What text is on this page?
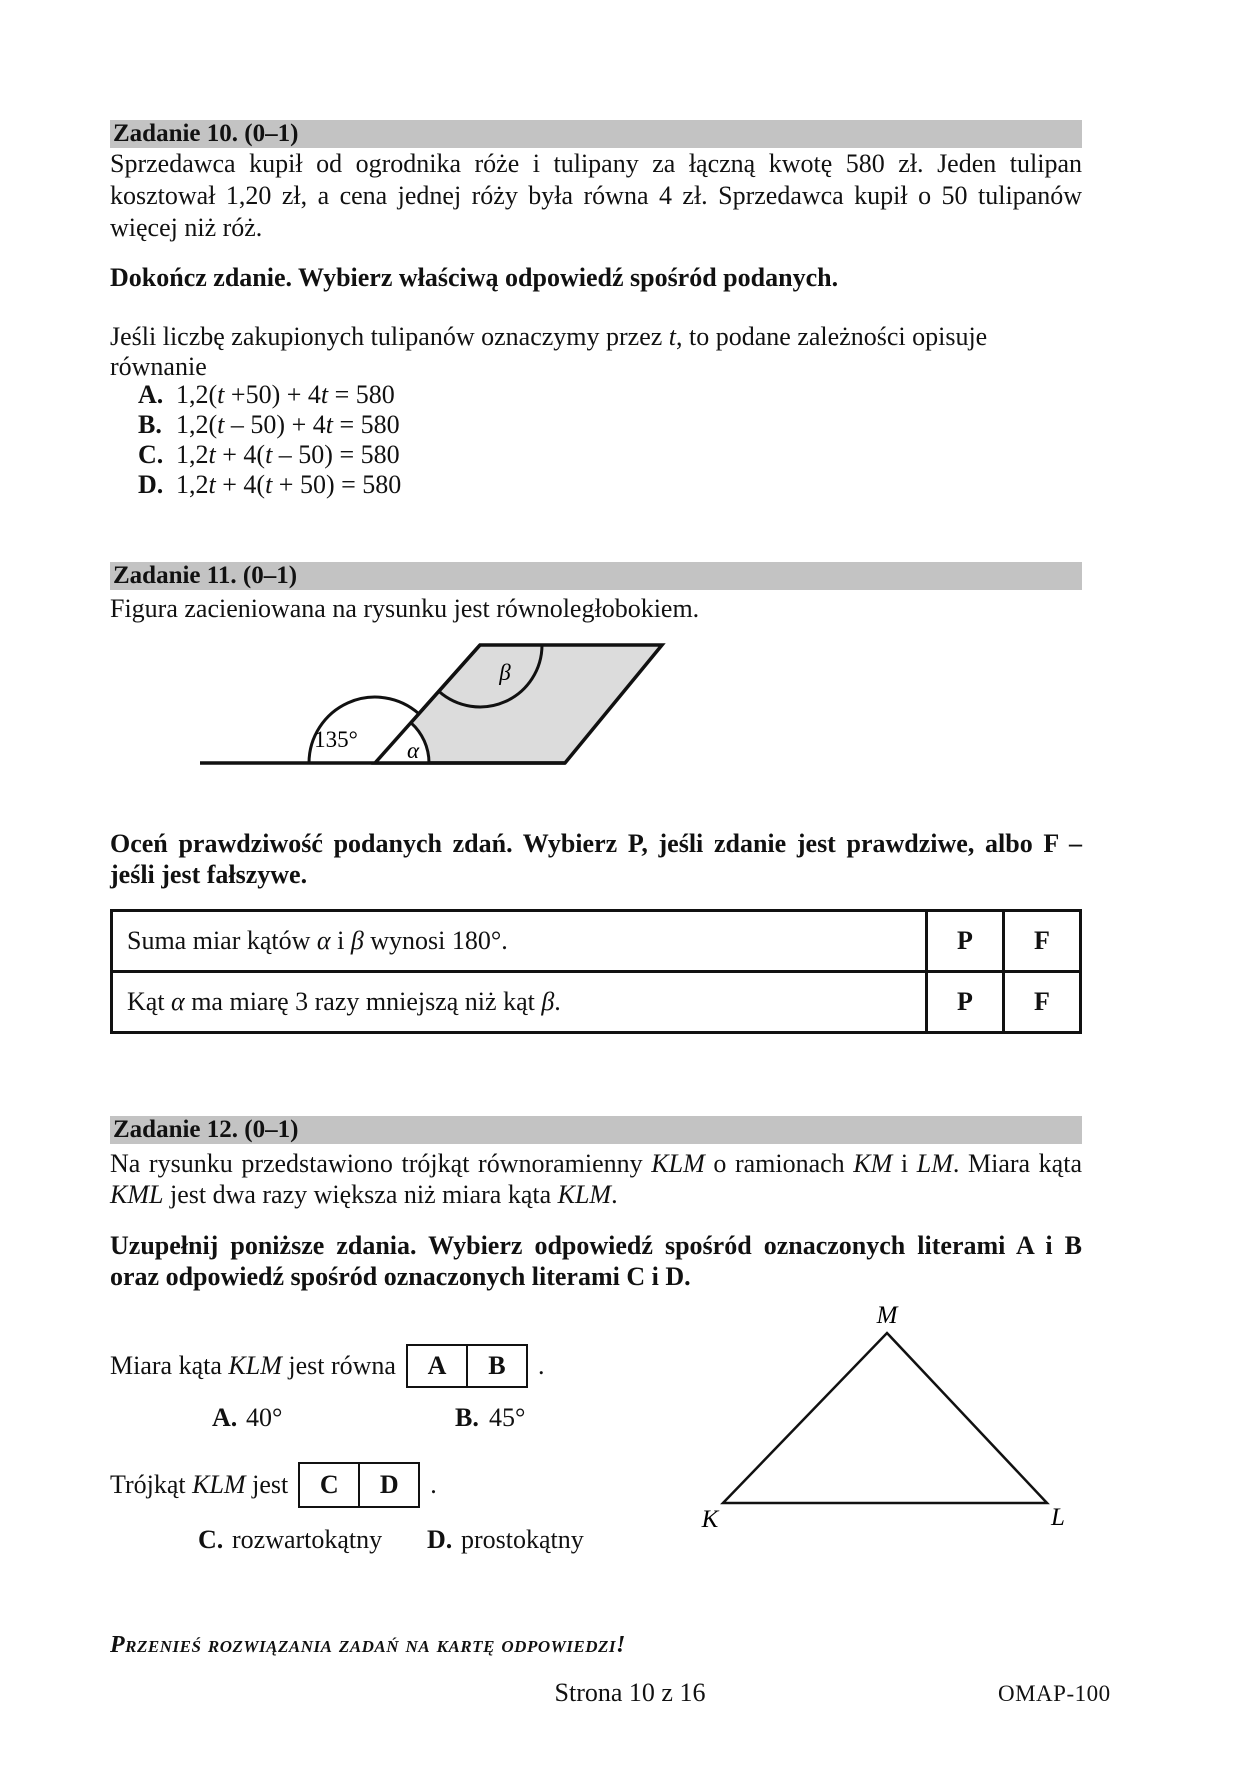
Zadanie 10. (0–1)
Sprzedawca kupił od ogrodnika róże i tulipany za łączną kwotę 580 zł. Jeden tulipan kosztował 1,20 zł, a cena jednej róży była równa 4 zł. Sprzedawca kupił o 50 tulipanów więcej niż róż.
Dokończ zdanie. Wybierz właściwą odpowiedź spośród podanych.
Jeśli liczbę zakupionych tulipanów oznaczymy przez t, to podane zależności opisuje równanie
A. 1,2(t +50) + 4t = 580
B. 1,2(t – 50) + 4t = 580
C. 1,2t + 4(t – 50) = 580
D. 1,2t + 4(t + 50) = 580
Zadanie 11. (0–1)
Figura zacieniowana na rysunku jest równoległobokiem.
135° α
β
Oceń prawdziwość podanych zdań. Wybierz P, jeśli zdanie jest prawdziwe, albo F – jeśli jest fałszywe.
Suma miar kątów α i β wynosi 180°.	P	F
Kąt α ma miarę 3 razy mniejszą niż kąt β.	P	F
Zadanie 12. (0–1)
Na rysunku przedstawiono trójkąt równoramienny KLM o ramionach KM i LM. Miara kąta KML jest dwa razy większa niż miara kąta KLM.
Uzupełnij poniższe zdania. Wybierz odpowiedź spośród oznaczonych literami A i B oraz odpowiedź spośród oznaczonych literami C i D.
Miara kąta KLM jest równa	A	B	.
A. 40°	B. 45°
Trójkąt KLM jest	C	D	.
C. rozwartokątny D. prostokątny
M
K	L
Przenieś rozwiązania zadań na kartę odpowiedzi!
Strona 10 z 16	OMAP-100
